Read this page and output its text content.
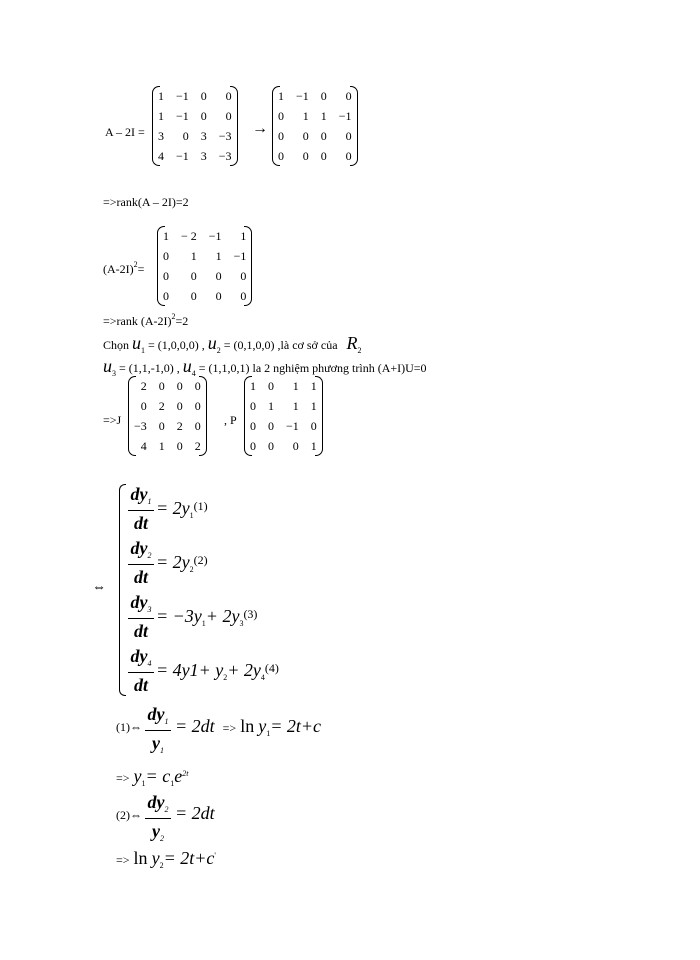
A – 2I =
1	−1	0	0
1	−1	0	0
3	0	3	−3
4	−1	3	−3
→
1	−1	0	0
0	1	1	−1
0	0	0	0
0	0	0	0
=>rank(A – 2I)=2
$(A-2I)^2=$
1	− 2	−1	1
0	1	1	−1
0	0	0	0
0	0	0	0
=>rank $(A-2I)^2=2$
Chọn $u_1 = (1,0,0,0)$ , $u_2 = (0,1,0,0)$ ,là cơ sở của $R_2$
$u_3 = (1,1,-1,0)$ , $u_4 = (1,1,0,1)$ la 2 nghiệm phương trình (A+I)U=0
=>J
2	0	0	0
0	2	0	0
−3	0	2	0
4	1	0	2
, P
1	0	1	1
0	1	1	1
0	0	−1	0
0	0	0	1
⇔
$dy_1$
dt
= $2y_1^{(1)}$
$dy_2$
dt
= $2y_2^{(2)}$
$dy_3$
dt
= $-3y_1+ 2y_3^{(3)}$
$dy_4$
dt
= $4y1+ y_2+ 2y_4^{(4)}$
(1)⇔
$dy_1$
$y_1$
= $2dt => \ln y_1= 2t+c$
=> $y_1= c_1e^{2t}$
(2)⇔
$dy_2$
$y_2$
= 2dt
=> $\ln y_2= 2t+c'$
